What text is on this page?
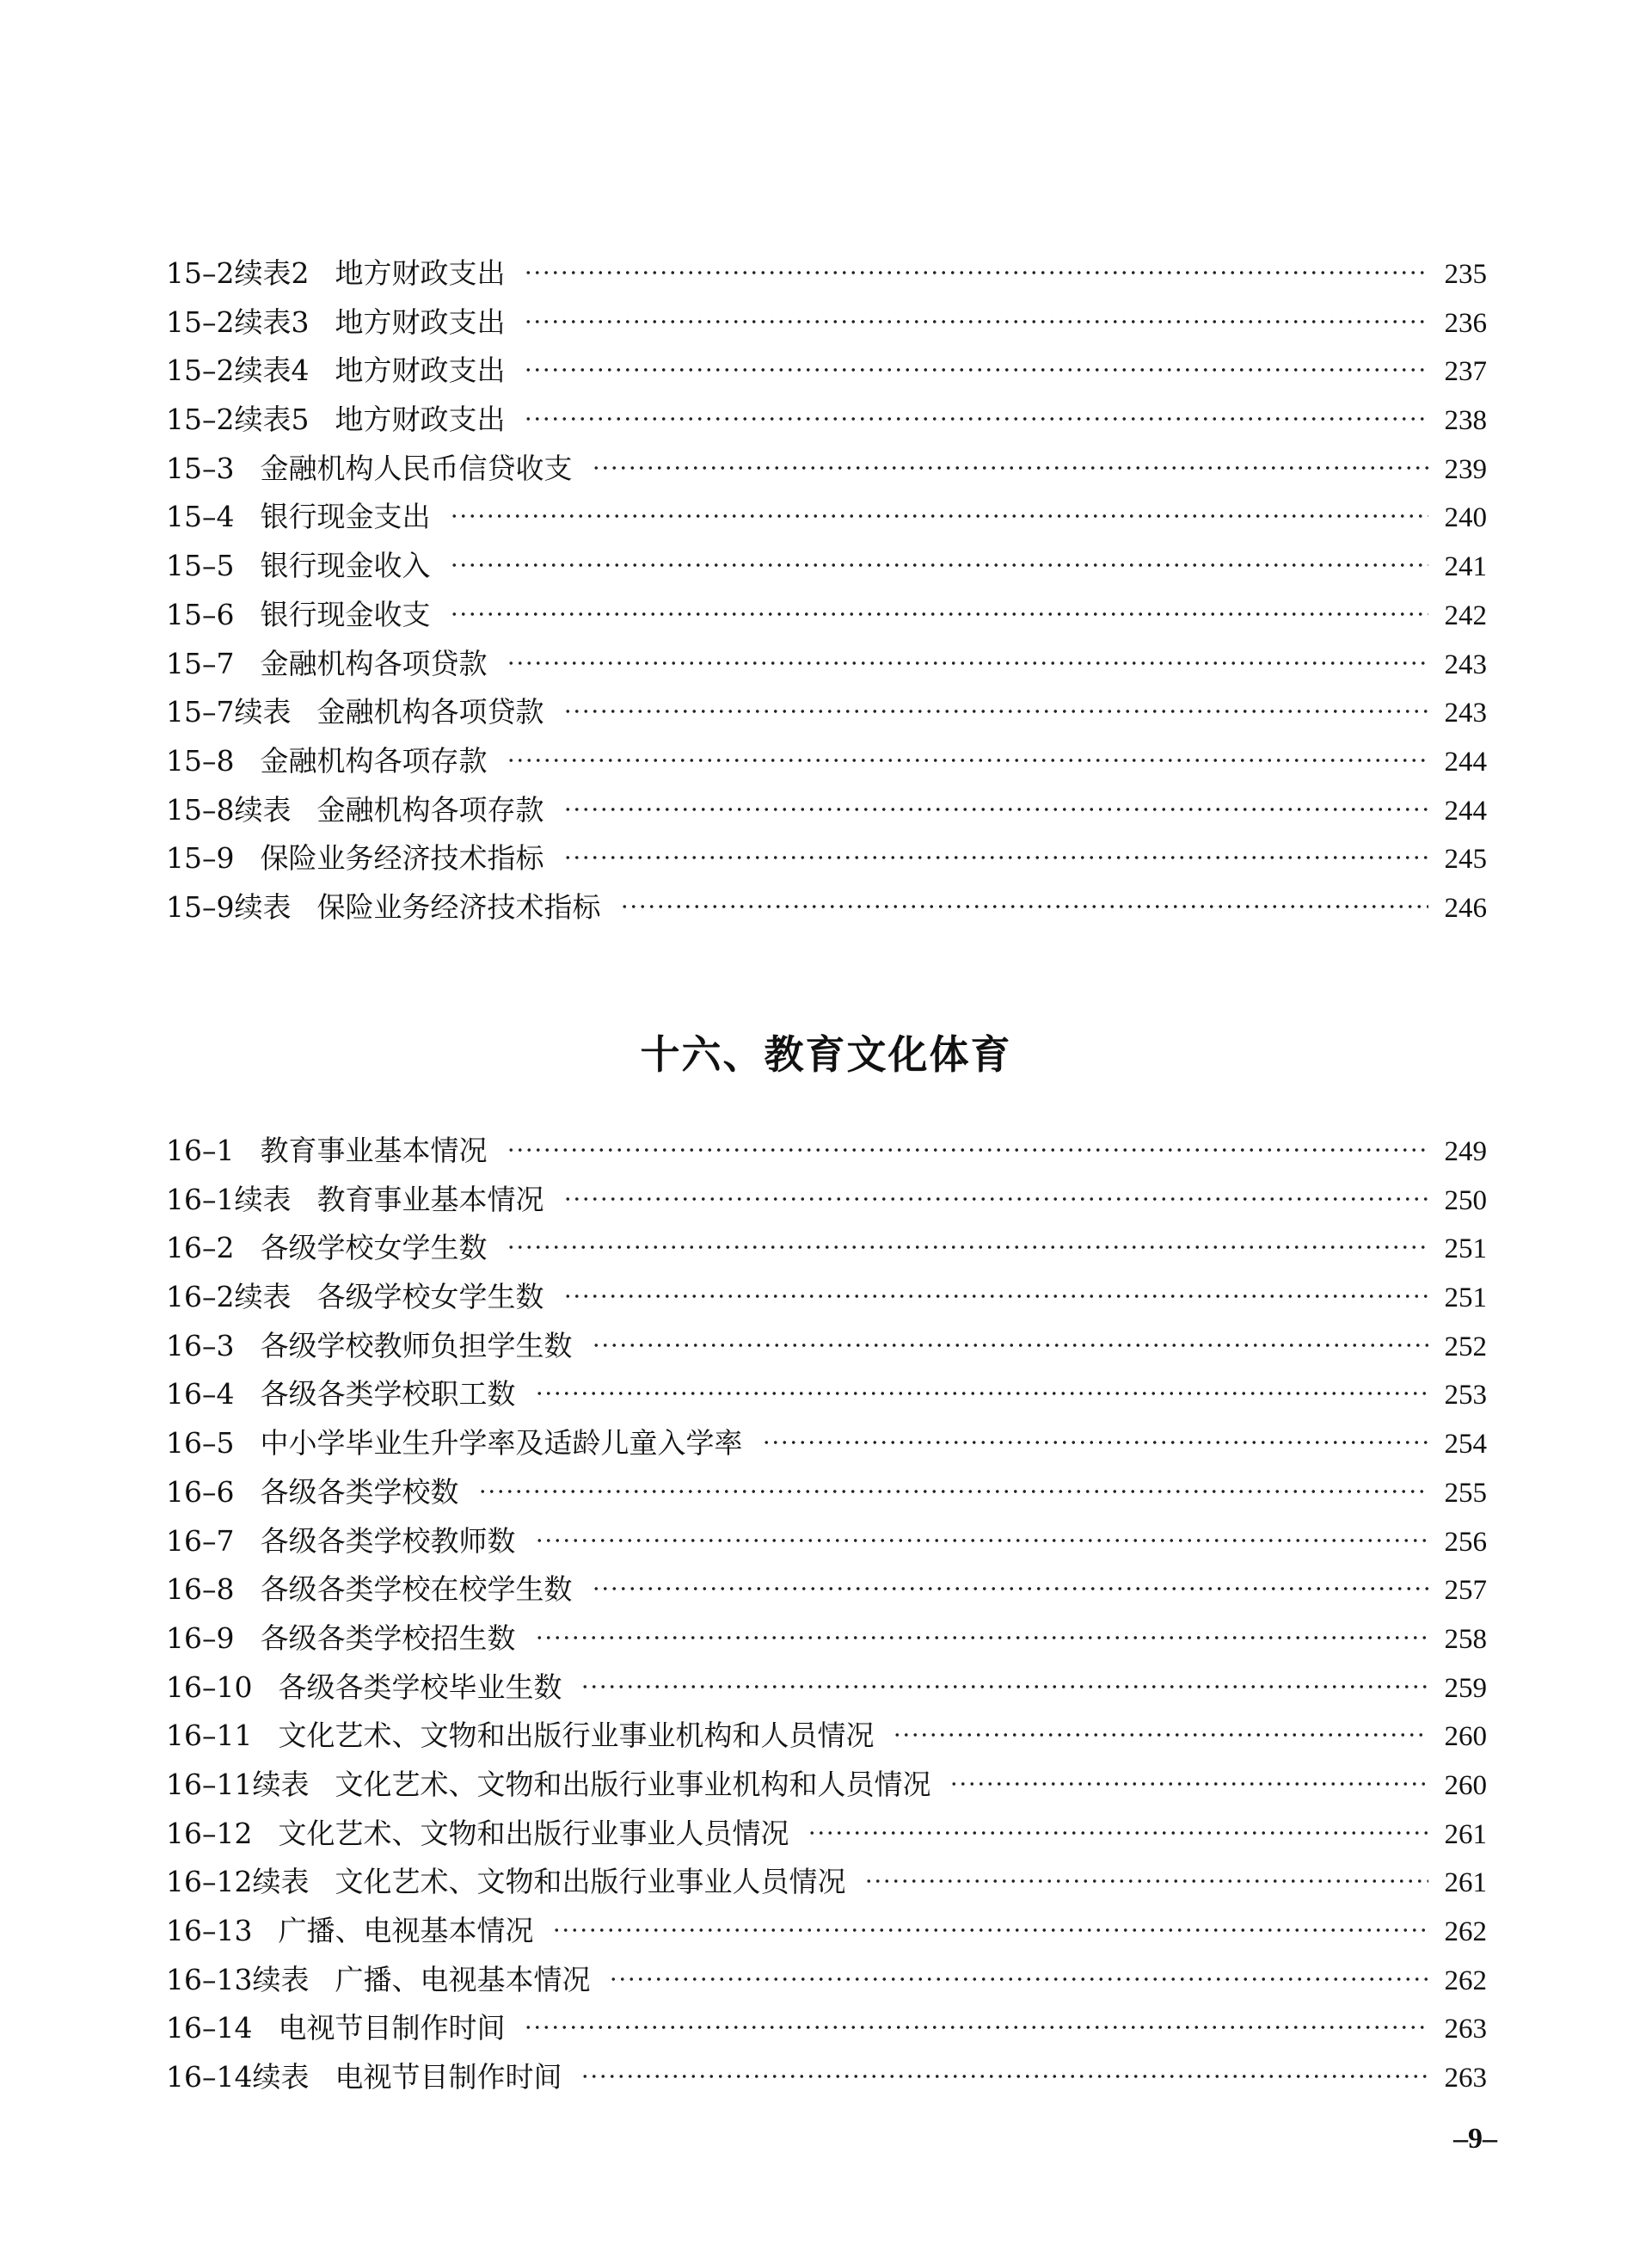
15–2续表2 地方财政支出	235
15–2续表3 地方财政支出	236
15–2续表4 地方财政支出	237
15–2续表5 地方财政支出	238
15–3 金融机构人民币信贷收支	239
15–4 银行现金支出	240
15–5 银行现金收入	241
15–6 银行现金收支	242
15–7 金融机构各项贷款	243
15–7续表 金融机构各项贷款	243
15–8 金融机构各项存款	244
15–8续表 金融机构各项存款	244
15–9 保险业务经济技术指标	245
15–9续表 保险业务经济技术指标	246
十六、教育文化体育
16–1 教育事业基本情况	249
16–1续表 教育事业基本情况	250
16–2 各级学校女学生数	251
16–2续表 各级学校女学生数	251
16–3 各级学校教师负担学生数	252
16–4 各级各类学校职工数	253
16–5 中小学毕业生升学率及适龄儿童入学率	254
16–6 各级各类学校数	255
16–7 各级各类学校教师数	256
16–8 各级各类学校在校学生数	257
16–9 各级各类学校招生数	258
16–10 各级各类学校毕业生数	259
16–11 文化艺术、文物和出版行业事业机构和人员情况	260
16–11续表 文化艺术、文物和出版行业事业机构和人员情况	260
16–12 文化艺术、文物和出版行业事业人员情况	261
16–12续表 文化艺术、文物和出版行业事业人员情况	261
16–13 广播、电视基本情况	262
16–13续表 广播、电视基本情况	262
16–14 电视节目制作时间	263
16–14续表 电视节目制作时间	263
–9–
